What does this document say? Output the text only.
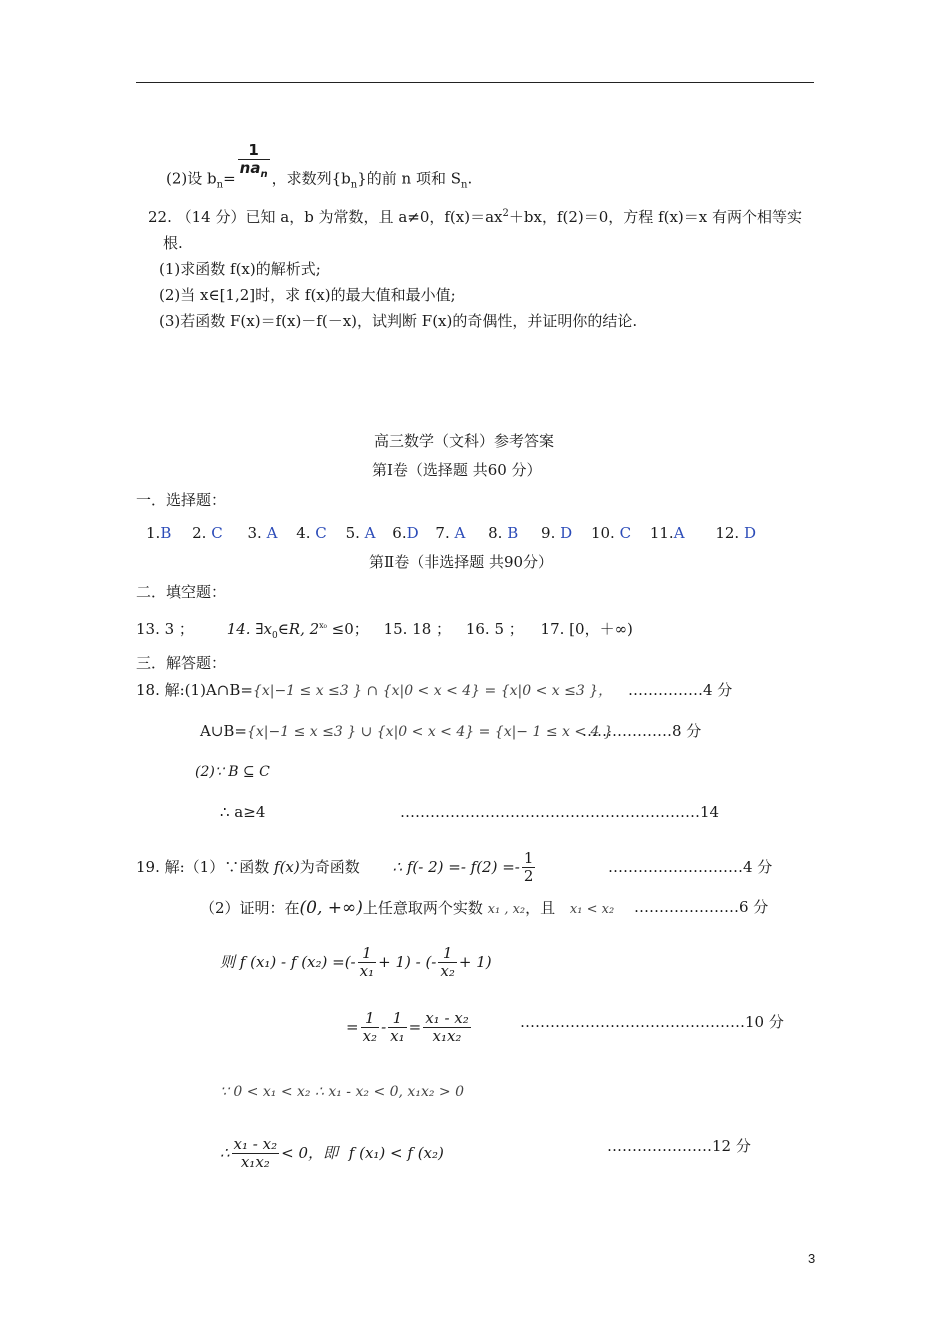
(2)设 $b_n= \frac{1}{na_n}$ ，求数列$\{b_n\}$的前 n 项和 $S_n$.
22. （14 分）已知 a，b 为常数，且 a≠0，$f(x)=ax^2+bx$，f(2)＝0，方程 f(x)＝x 有两个相等实
根.
(1)求函数 f(x)的解析式;
(2)当 x∈[1,2]时，求 f(x)的最大值和最小值;
(3)若函数 F(x)＝f(x)－f(－x)，试判断 F(x)的奇偶性，并证明你的结论.
高三数学（文科）参考答案
第Ⅰ卷（选择题 共60 分）
一．选择题：
1.B 2. C 3. A 4. C 5. A 6.D 7. A 8. B 9. D 10. C 11.A 12. D
第Ⅱ卷（非选择题 共90分）
二．填空题：
13. 3 ； 14. $\exists x_0\in R$, $2^{x_0} \le 0$； 15. 18 ； 16. 5 ； 17. [0，＋∞)
三．解答题：
18. 解:(1)A∩B={x|−1 ≤ x ≤3 } ∩ {x|0 < x < 4} = {x|0 < x ≤3 }， ……………4 分
A∪B={x|−1 ≤ x ≤3 } ∪ {x|0 < x < 4} = {x|− 1 ≤ x < 4 }
………………8 分
(2)∵ B ⊆ C
∴ a≥4	……………………………………………………14
19. 解:（1）∵函数 f(x)为奇函数 ∴ f(- $2) =- f(2) =- \frac{1}{2}$	………………………4 分
（2）证明：在(0, +∞)上任意取两个实数 x₁ , x₂，且 x₁ < x₂ …………………6 分
则 f (x₁) - f (x₂) =(- $\frac{1}{\text{x₁}} + 1$) - (- $\frac{1}{\text{x₂}} + 1$)
= $\frac{1}{\text{x₂}} - \frac{1}{\text{x₁}} = \frac{\text{x₁ - x₂}}{\text{x₁x₂}}$	………………………………………10 分
∵ 0 < x₁ < x₂ ∴ x₁ - x₂ < 0, x₁x₂ > 0
∴ $\frac{\text{x₁ - x₂}}{\text{x₁x₂}} < 0$，即 f (x₁) < f (x₂)	…………………12 分
3
